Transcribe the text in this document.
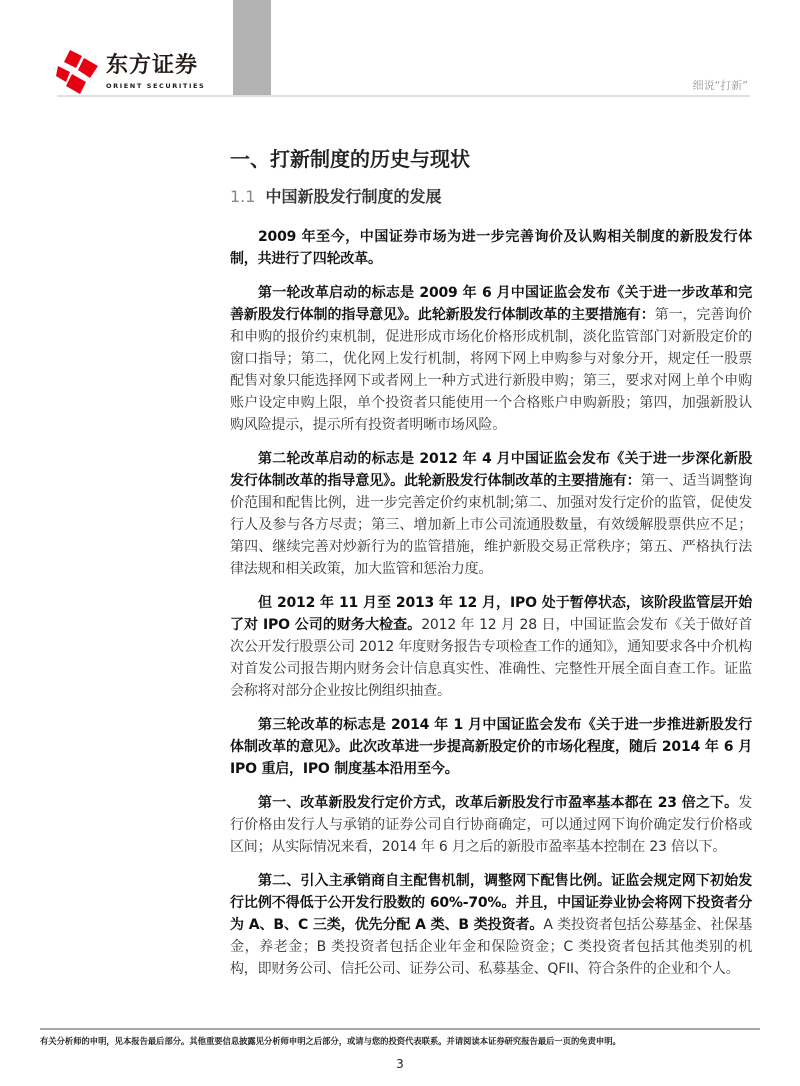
东方证券
ORIENT SECURITIES	细说“打新”
一、打新制度的历史与现状
1.1 中国新股发行制度的发展

2009 年至今，中国证券市场为进一步完善询价及认购相关制度的新股发行体制，共进行了四轮改革。

第一轮改革启动的标志是 2009 年 6 月中国证监会发布《关于进一步改革和完善新股发行体制的指导意见》。此轮新股发行体制改革的主要措施有：第一，完善询价和申购的报价约束机制，促进形成市场化价格形成机制，淡化监管部门对新股定价的窗口指导；第二，优化网上发行机制，将网下网上申购参与对象分开，规定任一股票配售对象只能选择网下或者网上一种方式进行新股申购；第三，要求对网上单个申购账户设定申购上限，单个投资者只能使用一个合格账户申购新股；第四，加强新股认购风险提示，提示所有投资者明晰市场风险。

第二轮改革启动的标志是 2012 年 4 月中国证监会发布《关于进一步深化新股发行体制改革的指导意见》。此轮新股发行体制改革的主要措施有：第一、适当调整询价范围和配售比例，进一步完善定价约束机制;第二、加强对发行定价的监管，促使发行人及参与各方尽责；第三、增加新上市公司流通股数量，有效缓解股票供应不足；第四、继续完善对炒新行为的监管措施，维护新股交易正常秩序；第五、严格执行法律法规和相关政策，加大监管和惩治力度。

但 2012 年 11 月至 2013 年 12 月，IPO 处于暂停状态，该阶段监管层开始了对 IPO 公司的财务大检查。2012 年 12 月 28 日，中国证监会发布《关于做好首次公开发行股票公司 2012 年度财务报告专项检查工作的通知》，通知要求各中介机构对首发公司报告期内财务会计信息真实性、准确性、完整性开展全面自查工作。证监会称将对部分企业按比例组织抽查。

第三轮改革的标志是 2014 年 1 月中国证监会发布《关于进一步推进新股发行体制改革的意见》。此次改革进一步提高新股定价的市场化程度，随后 2014 年 6 月 IPO 重启，IPO 制度基本沿用至今。

第一、改革新股发行定价方式，改革后新股发行市盈率基本都在 23 倍之下。发行价格由发行人与承销的证券公司自行协商确定，可以通过网下询价确定发行价格或区间；从实际情况来看，2014 年 6 月之后的新股市盈率基本控制在 23 倍以下。

第二、引入主承销商自主配售机制，调整网下配售比例。证监会规定网下初始发行比例不得低于公开发行股数的 60%-70%。并且，中国证券业协会将网下投资者分为 A、B、C 三类，优先分配 A 类、B 类投资者。A 类投资者包括公募基金、社保基金，养老金；B 类投资者包括企业年金和保险资金；C 类投资者包括其他类别的机构，即财务公司、信托公司、证券公司、私募基金、QFII、符合条件的企业和个人。

有关分析师的申明，见本报告最后部分。其他重要信息披露见分析师申明之后部分，或请与您的投资代表联系。并请阅读本证券研究报告最后一页的免责申明。
3
